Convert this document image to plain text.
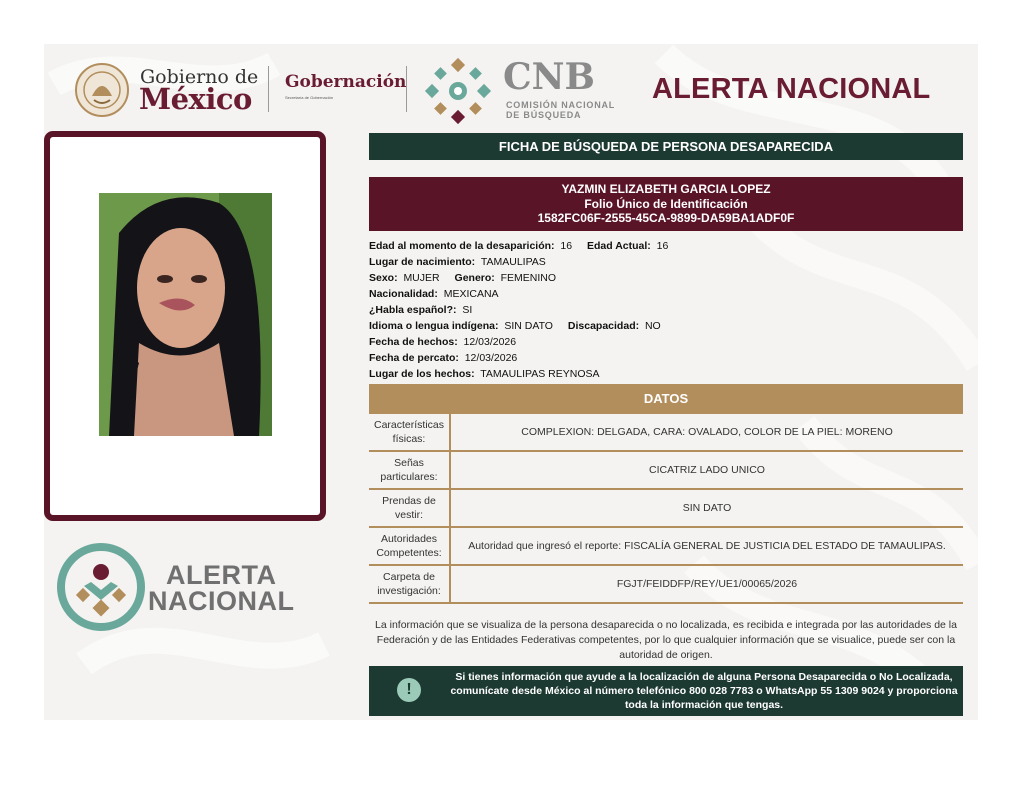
Gobierno de
México Gobernación
Secretaría de Gobernación	CNB
COMISIÓN NACIONAL
DE BÚSQUEDA
ALERTA NACIONAL
ALERTA
NACIONAL
FICHA DE BÚSQUEDA DE PERSONA DESAPARECIDA
YAZMIN ELIZABETH GARCIA LOPEZ
Folio Único de Identificación
1582FC06F-2555-45CA-9899-DA59BA1ADF0F
Edad al momento de la desaparición: 16 Edad Actual: 16
Lugar de nacimiento: TAMAULIPAS
Sexo: MUJER Genero: FEMENINO
Nacionalidad: MEXICANA
¿Habla español?: SI
Idioma o lengua indígena: SIN DATO Discapacidad: NO
Fecha de hechos: 12/03/2026
Fecha de percato: 12/03/2026
Lugar de los hechos: TAMAULIPAS REYNOSA
DATOS
Características físicas:
COMPLEXION: DELGADA, CARA: OVALADO, COLOR DE LA PIEL: MORENO
Señas particulares:
CICATRIZ LADO UNICO
Prendas de vestir:
SIN DATO
Autoridades Competentes:
Autoridad que ingresó el reporte: FISCALÍA GENERAL DE JUSTICIA DEL ESTADO DE TAMAULIPAS.
Carpeta de investigación:
FGJT/FEIDDFP/REY/UE1/00065/2026
La información que se visualiza de la persona desaparecida o no localizada, es recibida e integrada por las autoridades de la Federación y de las Entidades Federativas competentes, por lo que cualquier información que se visualice, puede ser con la autoridad de origen.
!
Si tienes información que ayude a la localización de alguna Persona Desaparecida o No Localizada, comunícate desde México al número telefónico 800 028 7783 o WhatsApp 55 1309 9024 y proporciona toda la información que tengas.
